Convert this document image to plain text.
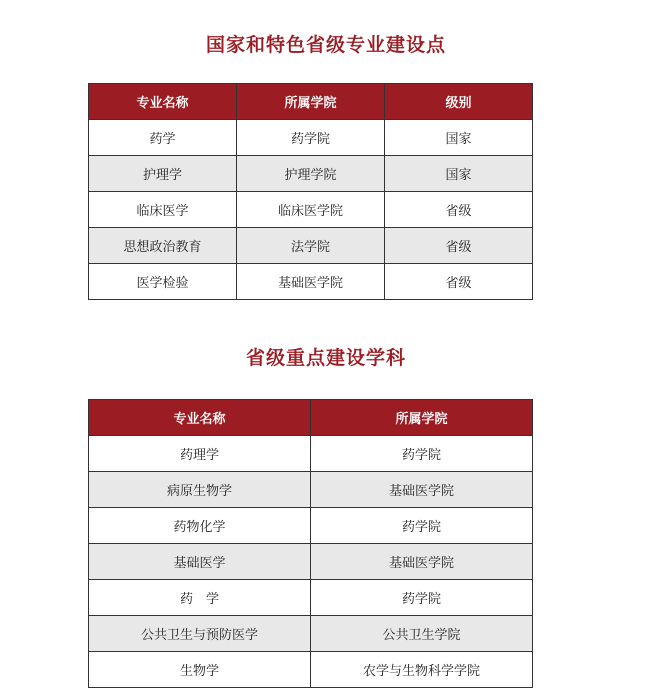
国家和特色省级专业建设点
专业名称	所属学院	级别
药学	药学院	国家
护理学	护理学院	国家
临床医学	临床医学院	省级
思想政治教育	法学院	省级
医学检验	基础医学院	省级
省级重点建设学科
专业名称	所属学院
药理学	药学院
病原生物学	基础医学院
药物化学	药学院
基础医学	基础医学院
药　学	药学院
公共卫生与预防医学	公共卫生学院
生物学	农学与生物科学学院
